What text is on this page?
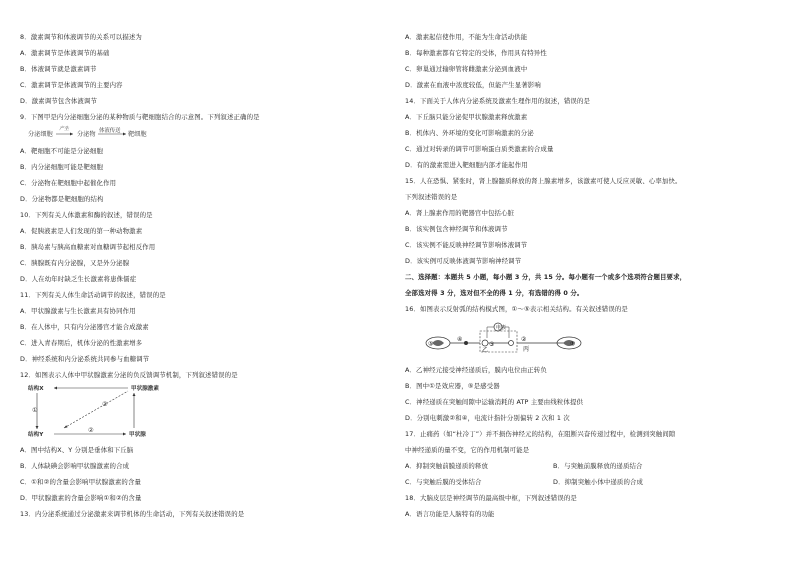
8．激素调节和体液调节的关系可以描述为
A．激素调节是体液调节的基础
B．体液调节就是激素调节
C．激素调节是体液调节的主要内容
D．激素调节包含体液调节
9．下图甲是内分泌细胞分泌的某种物质与靶细胞结合的示意图。下列叙述正确的是
分泌细胞
产生
分泌物 体液传送 靶细胞
A．靶细胞不可能是分泌细胞
B．内分泌细胞可能是靶细胞
C．分泌物在靶细胞中起催化作用
D．分泌物都是靶细胞的结构
10．下列有关人体激素和酶的叙述，错误的是
A．促胰液素是人们发现的第一种动物激素
B．胰岛素与胰高血糖素对血糖调节起相反作用
C．胰腺既有内分泌腺，又是外分泌腺
D．人在幼年时缺乏生长激素将患侏儒症
11．下列有关人体生命活动调节的叙述，错误的是
A．甲状腺激素与生长激素具有协同作用
B．在人体中，只有内分泌器官才能合成激素
C．进入青春期后，机体分泌的性激素增多
D．神经系统和内分泌系统共同参与血糖调节
12．如图表示人体中甲状腺激素分泌的负反馈调节机制，下列叙述错误的是
结构X	甲状腺激素
①
③
结构Y
②
甲状腺
A．图中结构X、Y 分别是垂体和下丘脑
B．人体缺碘会影响甲状腺激素的合成
C．①和②的含量会影响甲状腺激素的含量
D．甲状腺激素的含量会影响①和②的含量
13．内分泌系统通过分泌激素来调节机体的生命活动，下列有关叙述错误的是
A．激素起信使作用，不能为生命活动供能
B．每种激素都有它特定的受体，作用具有特异性
C．卵巢通过输卵管将雌激素分泌到血液中
D．激素在血液中浓度较低，但能产生显著影响
14．下面关于人体内分泌系统及激素生理作用的叙述，错误的是
A．下丘脑只能分泌促甲状腺激素释放激素
B．机体内、外环境的变化可影响激素的分泌
C．通过对转录的调节可影响蛋白质类激素的合成量
D．有的激素需进入靶细胞内部才能起作用
15．人在恐惧、紧张时，肾上腺髓质释放的肾上腺素增多，该激素可使人反应灵敏、心率加快。
下列叙述错误的是
A．肾上腺素作用的靶器官中包括心脏
B．该实例包含神经调节和体液调节
C．该实例不能反映神经调节影响体液调节
D．该实例可反映体液调节影响神经调节
二、选择题：本题共 5 小题，每小题 3 分，共 15 分。每小题有一个或多个选项符合题目要求，
全部选对得 3 分，选对但不全的得 1 分，有选错的得 0 分。
16．如图表示反射弧的结构模式图，①～⑤表示相关结构。有关叙述错误的是
⑤
④
电表
乙
③
②
丙
①
A．乙神经元接受神经递质后，膜内电位由正转负
B．图中①是效应器，⑤是感受器
C．神经递质在突触间隙中运输消耗的 ATP 主要由线粒体提供
D．分别电刺激②和④，电流计指针分别偏转 2 次和 1 次
17．止痛药（如“杜冷丁”）并不损伤神经元的结构，在阻断兴奋传递过程中，检测到突触间隙
中神经递质的量不变，它的作用机制可能是
A．抑制突触前膜递质的释放	B．与突触前膜释放的递质结合
C．与突触后膜的受体结合	D．抑制突触小体中递质的合成
18．大脑皮层是神经调节的最高级中枢，下列叙述错误的是
A．语言功能是人脑特有的功能
